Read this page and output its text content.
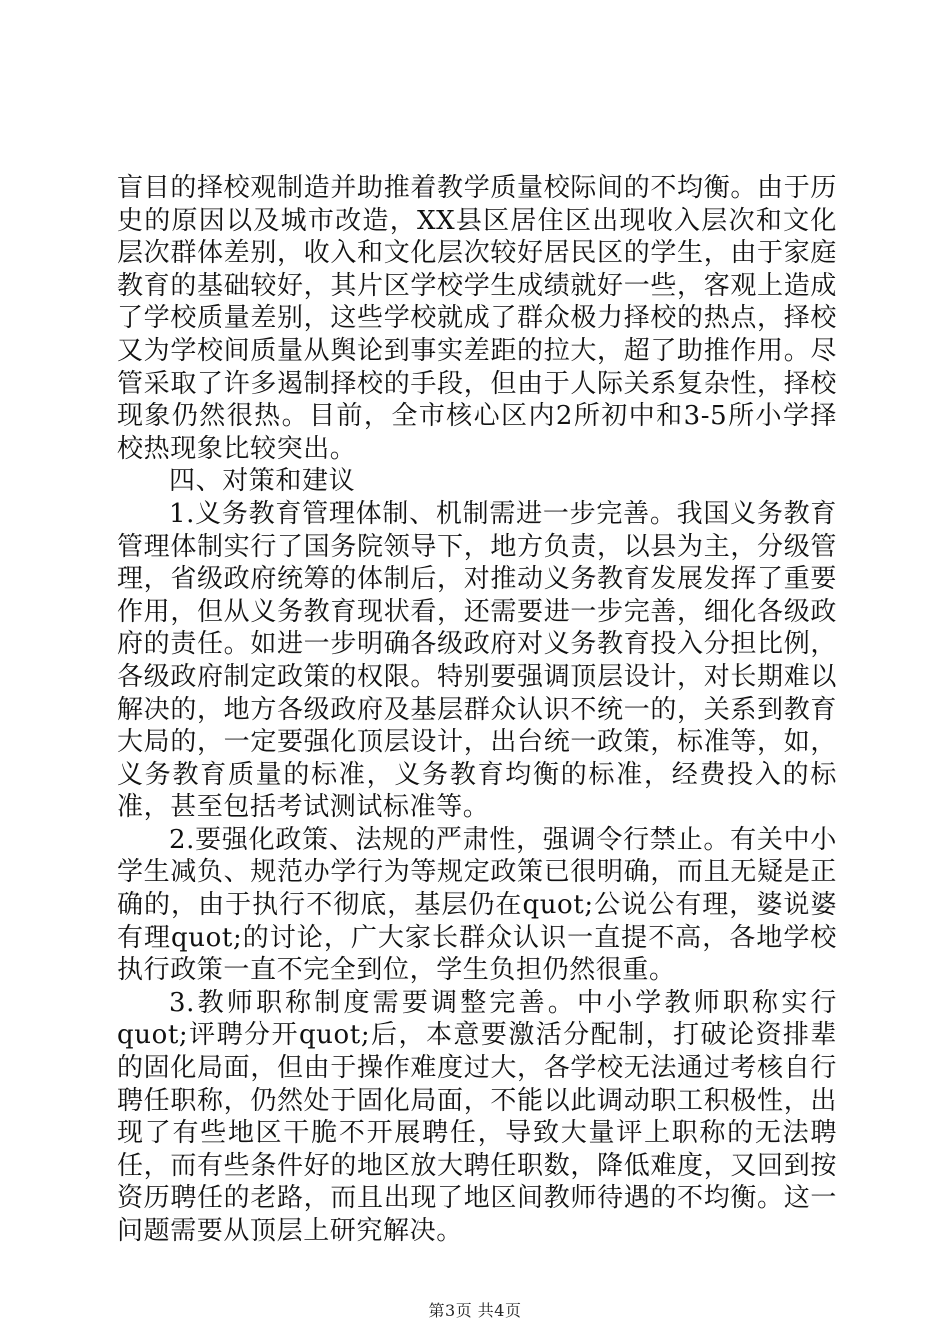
盲目的择校观制造并助推着教学质量校际间的不均衡。由于历史的原因以及城市改造，XX县区居住区出现收入层次和文化层次群体差别，收入和文化层次较好居民区的学生，由于家庭教育的基础较好，其片区学校学生成绩就好一些，客观上造成了学校质量差别，这些学校就成了群众极力择校的热点，择校又为学校间质量从舆论到事实差距的拉大，超了助推作用。尽管采取了许多遏制择校的手段，但由于人际关系复杂性，择校现象仍然很热。目前，全市核心区内2所初中和3-5所小学择校热现象比较突出。

四、对策和建议

1.义务教育管理体制、机制需进一步完善。我国义务教育管理体制实行了国务院领导下，地方负责，以县为主，分级管理，省级政府统筹的体制后，对推动义务教育发展发挥了重要作用，但从义务教育现状看，还需要进一步完善，细化各级政府的责任。如进一步明确各级政府对义务教育投入分担比例，各级政府制定政策的权限。特别要强调顶层设计，对长期难以解决的，地方各级政府及基层群众认识不统一的，关系到教育大局的，一定要强化顶层设计，出台统一政策，标准等，如，义务教育质量的标准，义务教育均衡的标准，经费投入的标准，甚至包括考试测试标准等。

2.要强化政策、法规的严肃性，强调令行禁止。有关中小学生减负、规范办学行为等规定政策已很明确，而且无疑是正确的，由于执行不彻底，基层仍在quot;公说公有理，婆说婆有理quot;的讨论，广大家长群众认识一直提不高，各地学校执行政策一直不完全到位，学生负担仍然很重。

3.教师职称制度需要调整完善。中小学教师职称实行quot;评聘分开quot;后，本意要激活分配制，打破论资排辈的固化局面，但由于操作难度过大，各学校无法通过考核自行聘任职称，仍然处于固化局面，不能以此调动职工积极性，出现了有些地区干脆不开展聘任，导致大量评上职称的无法聘任，而有些条件好的地区放大聘任职数，降低难度，又回到按资历聘任的老路，而且出现了地区间教师待遇的不均衡。这一问题需要从顶层上研究解决。

第3页 共4页
